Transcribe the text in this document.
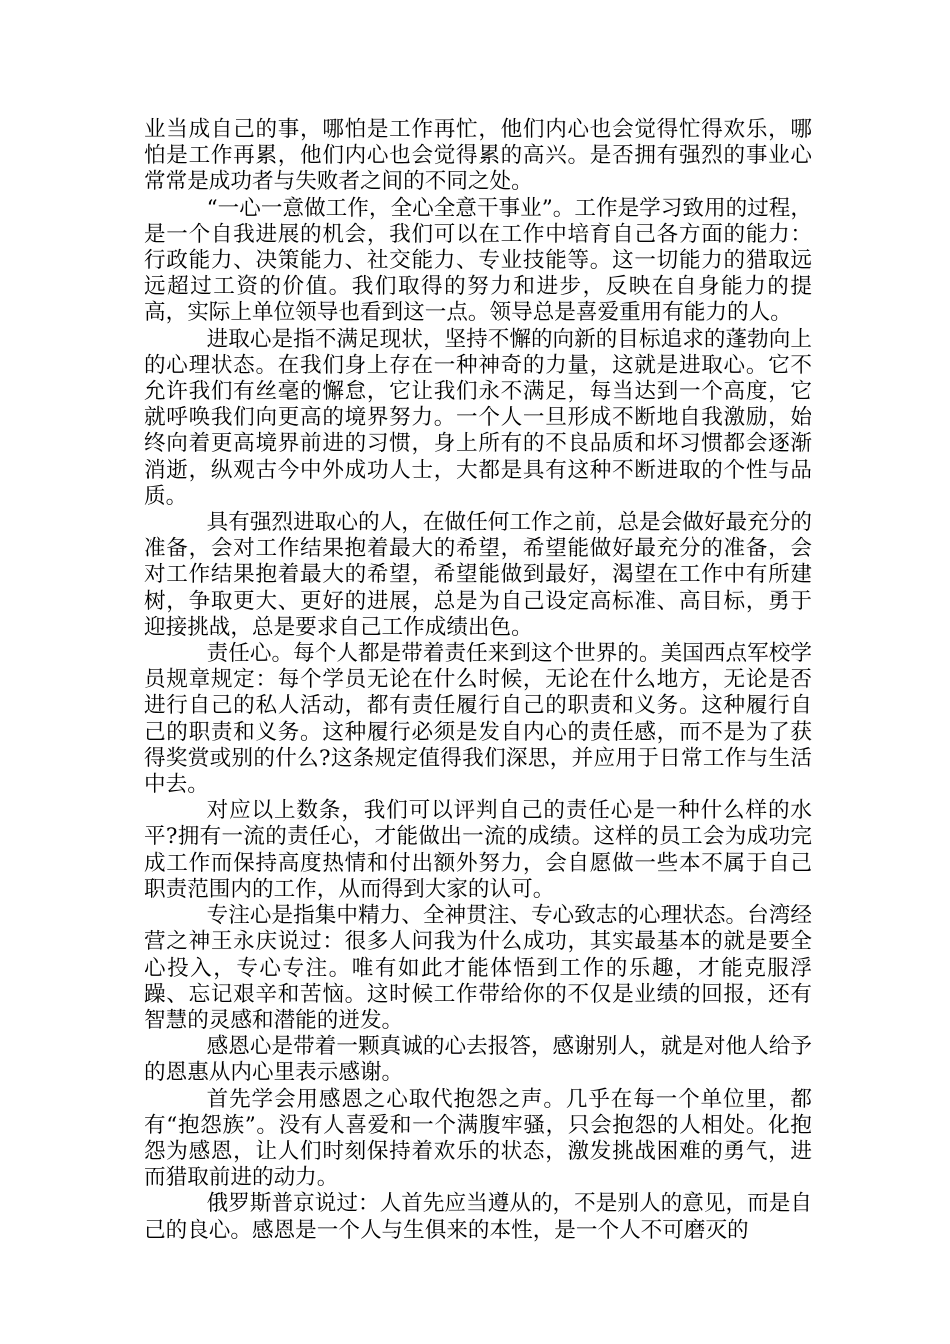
业当成自己的事，哪怕是工作再忙，他们内心也会觉得忙得欢乐，哪怕是工作再累，他们内心也会觉得累的高兴。是否拥有强烈的事业心常常是成功者与失败者之间的不同之处。

“一心一意做工作，全心全意干事业”。工作是学习致用的过程，是一个自我进展的机会，我们可以在工作中培育自己各方面的能力：行政能力、决策能力、社交能力、专业技能等。这一切能力的猎取远远超过工资的价值。我们取得的努力和进步，反映在自身能力的提高，实际上单位领导也看到这一点。领导总是喜爱重用有能力的人。

进取心是指不满足现状，坚持不懈的向新的目标追求的蓬勃向上的心理状态。在我们身上存在一种神奇的力量，这就是进取心。它不允许我们有丝毫的懈怠，它让我们永不满足，每当达到一个高度，它就呼唤我们向更高的境界努力。一个人一旦形成不断地自我激励，始终向着更高境界前进的习惯，身上所有的不良品质和坏习惯都会逐渐消逝，纵观古今中外成功人士，大都是具有这种不断进取的个性与品质。

具有强烈进取心的人，在做任何工作之前，总是会做好最充分的准备，会对工作结果抱着最大的希望，希望能做好最充分的准备，会对工作结果抱着最大的希望，希望能做到最好，渴望在工作中有所建树，争取更大、更好的进展，总是为自己设定高标准、高目标，勇于迎接挑战，总是要求自己工作成绩出色。

责任心。每个人都是带着责任来到这个世界的。美国西点军校学员规章规定：每个学员无论在什么时候，无论在什么地方，无论是否进行自己的私人活动，都有责任履行自己的职责和义务。这种履行自己的职责和义务。这种履行必须是发自内心的责任感，而不是为了获得奖赏或别的什么?这条规定值得我们深思，并应用于日常工作与生活中去。

对应以上数条，我们可以评判自己的责任心是一种什么样的水平?拥有一流的责任心，才能做出一流的成绩。这样的员工会为成功完成工作而保持高度热情和付出额外努力，会自愿做一些本不属于自己职责范围内的工作，从而得到大家的认可。

专注心是指集中精力、全神贯注、专心致志的心理状态。台湾经营之神王永庆说过：很多人问我为什么成功，其实最基本的就是要全心投入，专心专注。唯有如此才能体悟到工作的乐趣，才能克服浮躁、忘记艰辛和苦恼。这时候工作带给你的不仅是业绩的回报，还有智慧的灵感和潜能的迸发。

感恩心是带着一颗真诚的心去报答，感谢别人，就是对他人给予的恩惠从内心里表示感谢。

首先学会用感恩之心取代抱怨之声。几乎在每一个单位里，都有“抱怨族”。没有人喜爱和一个满腹牢骚，只会抱怨的人相处。化抱怨为感恩，让人们时刻保持着欢乐的状态，激发挑战困难的勇气，进而猎取前进的动力。

俄罗斯普京说过：人首先应当遵从的，不是别人的意见，而是自己的良心。感恩是一个人与生俱来的本性，是一个人不可磨灭的
